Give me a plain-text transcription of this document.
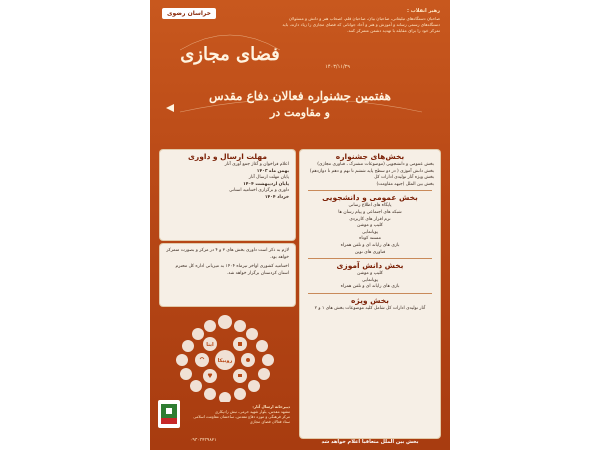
خراسان رضوی
فضای مجازی
رهبر انقلاب :
صاحبان دستگاه‌های تبلیغاتی، صاحبان بیان، صاحبان قلم، اصحاب هنر و دانش و مسئولان دستگاه‌های رسمی رسانه و آموزش و هنر و آحاد جوانانی که فضای مجازی را زیاد دارند، باید تمرکز خود را برای مقابله با تهدید دشمن متمرکز کنند.
۱۴۰۳/۱۱/۲۹
هفتمین جشنواره فعالان دفاع مقدس
و مقاومت در
مهلت ارسال و داوری
اعلام فراخوان و آغاز جمع آوری آثار
بهمن ماه ۱۴۰۳
پایان مهلت ارسال آثار
پایان اردیبهشت ۱۴۰۴
داوری و برگزاری اختتامیه استانی
خرداد ۱۴۰۴
لازم به ذکر است داوری بخش های ۳ و ۴ در مرکز و بصورت متمرکز خواهد بود.
اختتامیه کشوری اواخر تیرماه ۱۴۰۴ به میزبانی اداره کل محترم استان کردستان برگزار خواهد شد.
بخش‌های جشنواره
بخش عمومی و دانشجویی (موضوعات مشترک ، فناوری مجازی)
بخش دانش آموزی ( در دو سطح پایه ششم تا نهم و دهم تا دوازدهم)
بخش ویژه آثار تولیدی ادارات کل
بخش بین الملل (جبهه مقاومت)
بخش عمومی و دانشجویی
پایگاه های اطلاع رسانی
شبکه های اجتماعی و پیام رسان ها
نرم افزار های کاربردی
کلیپ و موشن
پویانمایی
مستند کوتاه
بازی های رایانه ای و تلفن همراه
فناوری های نوین
بخش دانش آموزی
کلیپ و موشن
پویانمایی
بازی های رایانه ای و تلفن همراه
بخش ویژه
آثار تولیدی ادارات کل شامل کلیه موضوعات بخش های ۱ و ۲
بخش بین الملل متعاقبا اعلام خواهد شد
روبیکا
ایتا
دبیرخانه ارسال آثار:
مشهد مقدس، بلوار شهید خرمی، نبش رادیکاری
مرکز فرهنگی و موزه دفاع مقدس، ساختمان مقاومت اسلامی
ستاد فعالان فضای مجازی
۰۹۳۰۳۴۳۹۸۲۱
